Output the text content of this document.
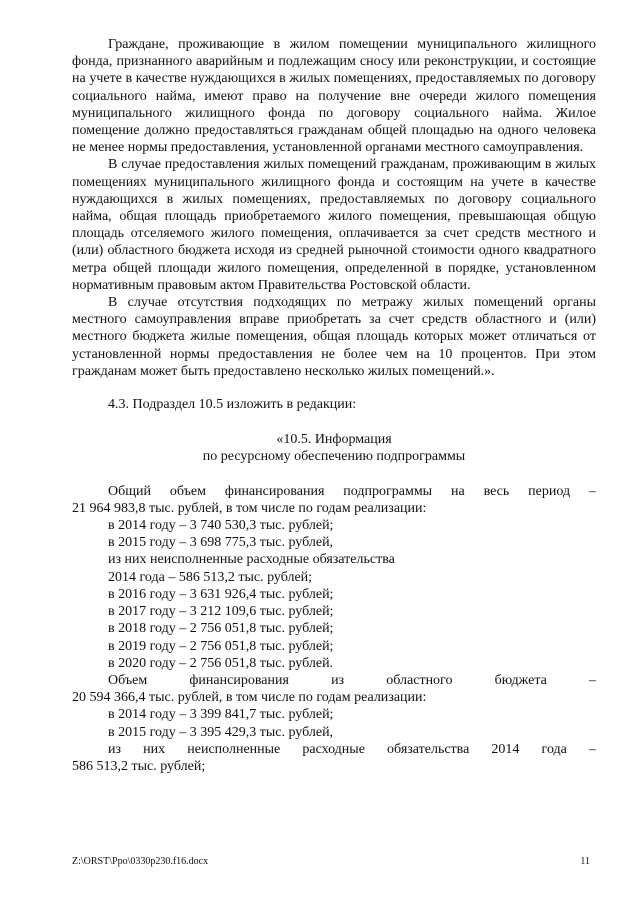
Граждане, проживающие в жилом помещении муниципального жилищного фонда, признанного аварийным и подлежащим сносу или реконструкции, и состоящие на учете в качестве нуждающихся в жилых помещениях, предоставляемых по договору социального найма, имеют право на получение вне очереди жилого помещения муниципального жилищного фонда по договору социального найма. Жилое помещение должно предоставляться гражданам общей площадью на одного человека не менее нормы предоставления, установленной органами местного самоуправления.

В случае предоставления жилых помещений гражданам, проживающим в жилых помещениях муниципального жилищного фонда и состоящим на учете в качестве нуждающихся в жилых помещениях, предоставляемых по договору социального найма, общая площадь приобретаемого жилого помещения, превышающая общую площадь отселяемого жилого помещения, оплачивается за счет средств местного и (или) областного бюджета исходя из средней рыночной стоимости одного квадратного метра общей площади жилого помещения, определенной в порядке, установленном нормативным правовым актом Правительства Ростовской области.

В случае отсутствия подходящих по метражу жилых помещений органы местного самоуправления вправе приобретать за счет средств областного и (или) местного бюджета жилые помещения, общая площадь которых может отличаться от установленной нормы предоставления не более чем на 10 процентов. При этом гражданам может быть предоставлено несколько жилых помещений.».

4.3. Подраздел 10.5 изложить в редакции:
«10.5. Информация
по ресурсному обеспечению подпрограммы
Общий объем финансирования подпрограммы на весь период –
21 964 983,8 тыс. рублей, в том числе по годам реализации:
в 2014 году – 3 740 530,3 тыс. рублей;
в 2015 году – 3 698 775,3 тыс. рублей,
из них неисполненные расходные обязательства
2014 года – 586 513,2 тыс. рублей;
в 2016 году – 3 631 926,4 тыс. рублей;
в 2017 году – 3 212 109,6 тыс. рублей;
в 2018 году – 2 756 051,8 тыс. рублей;
в 2019 году – 2 756 051,8 тыс. рублей;
в 2020 году – 2 756 051,8 тыс. рублей.
Объем финансирования из областного бюджета –
20 594 366,4 тыс. рублей, в том числе по годам реализации:
в 2014 году – 3 399 841,7 тыс. рублей;
в 2015 году – 3 395 429,3 тыс. рублей,
из них неисполненные расходные обязательства 2014 года –
586 513,2 тыс. рублей;
Z:\ORST\Ppo\0330p230.f16.docx	11
